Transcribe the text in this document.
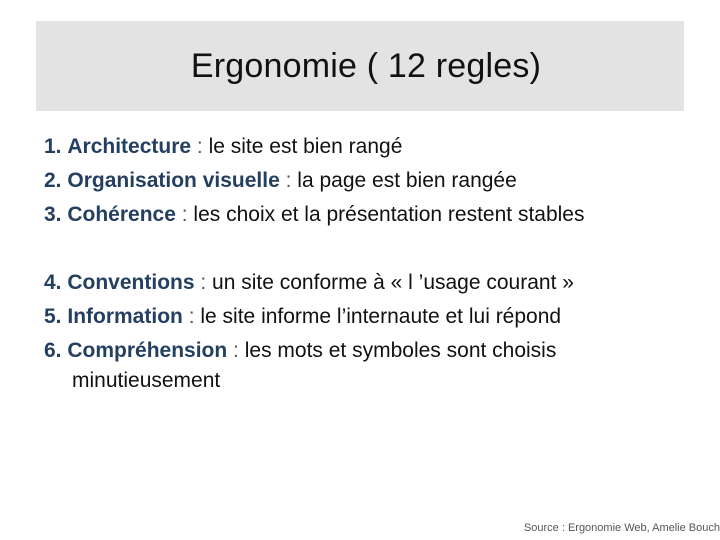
Ergonomie ( 12 regles)
1. Architecture : le site est bien rangé
2. Organisation visuelle : la page est bien rangée
3. Cohérence : les choix et la présentation restent stables
4. Conventions : un site conforme à « l ’usage courant »
5. Information : le site informe l’internaute et lui répond
6. Compréhension : les mots et symboles sont choisis
minutieusement
Source : Ergonomie Web, Amelie Bouch
